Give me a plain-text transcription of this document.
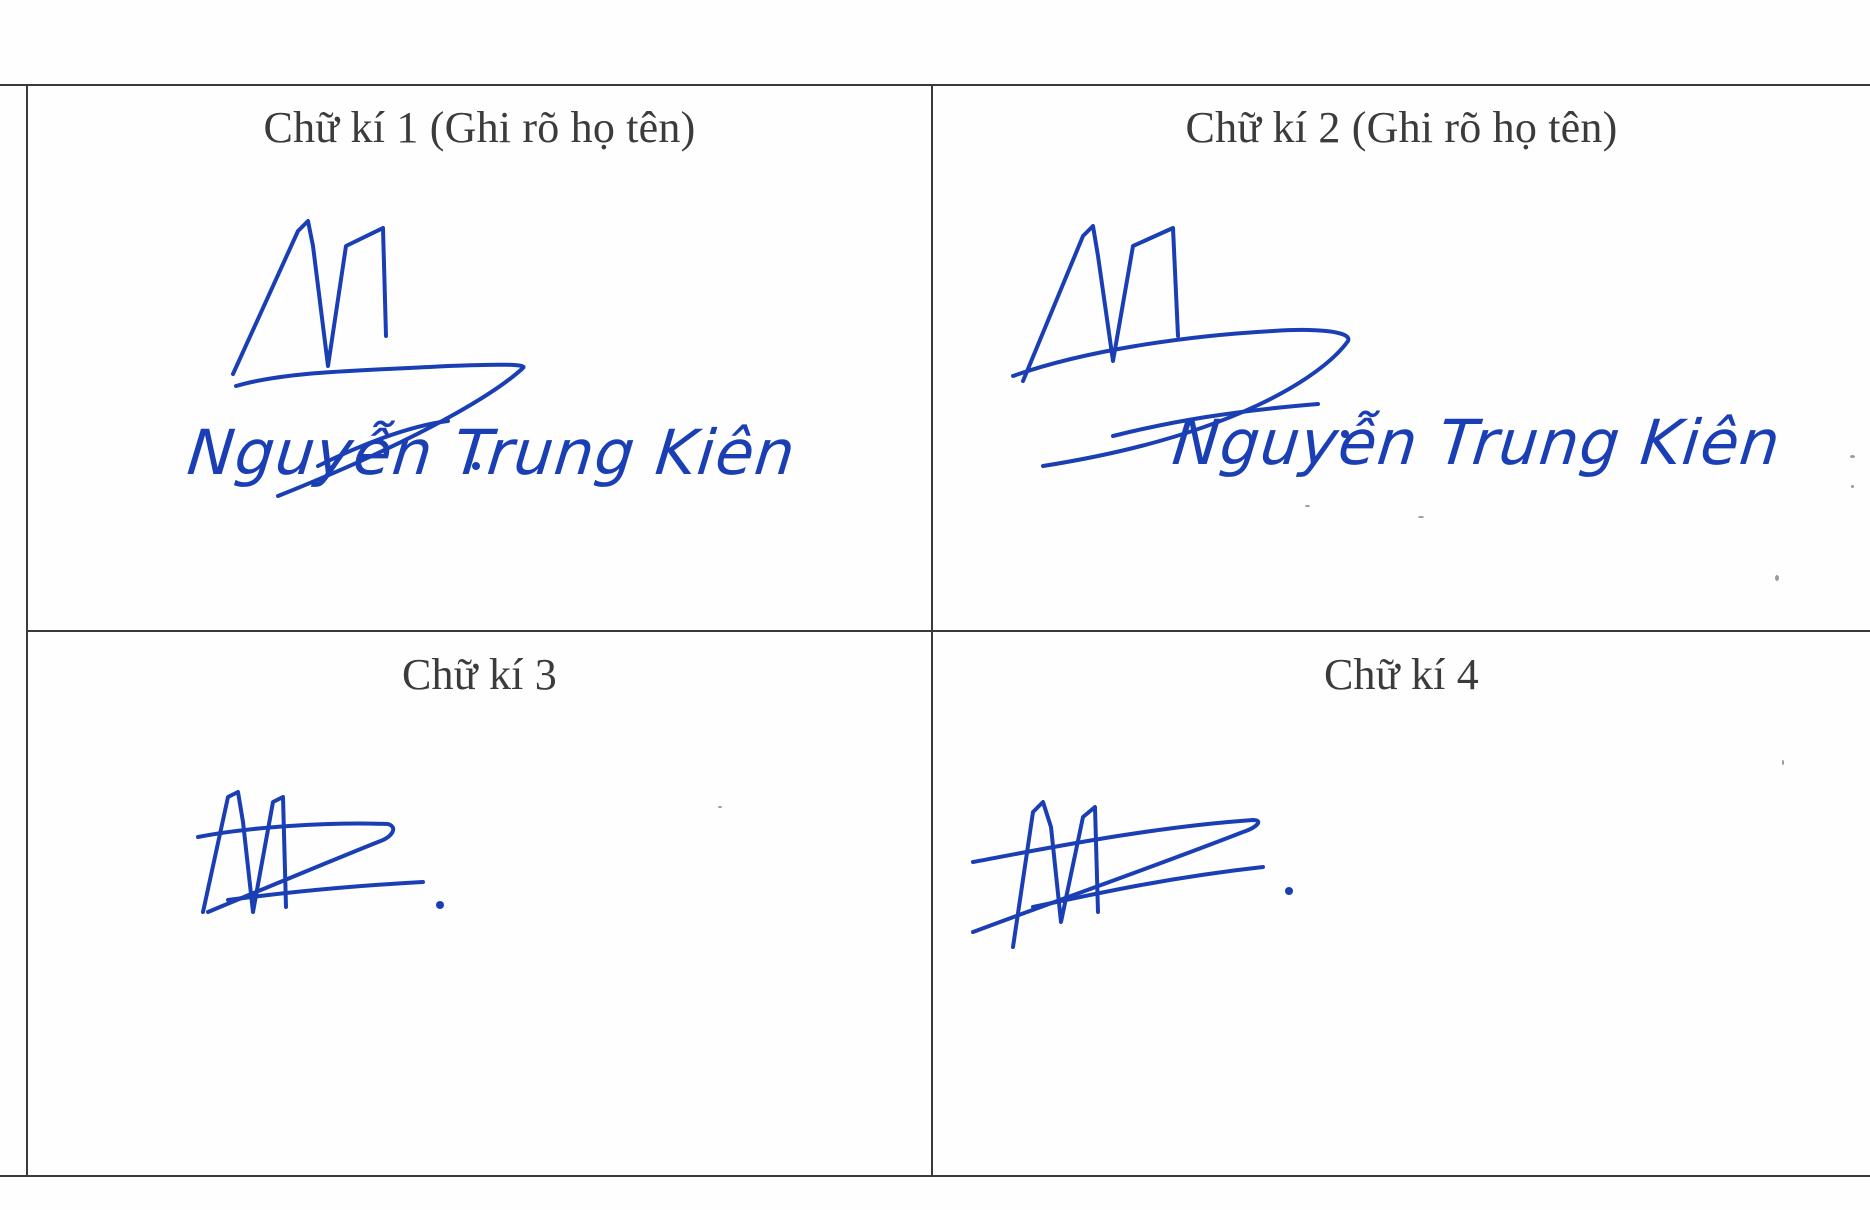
Chữ kí 1 (Ghi rõ họ tên)
Nguyễn Trung Kiên
Chữ kí 2 (Ghi rõ họ tên)
Nguyễn Trung Kiên
Chữ kí 3	Chữ kí 4
